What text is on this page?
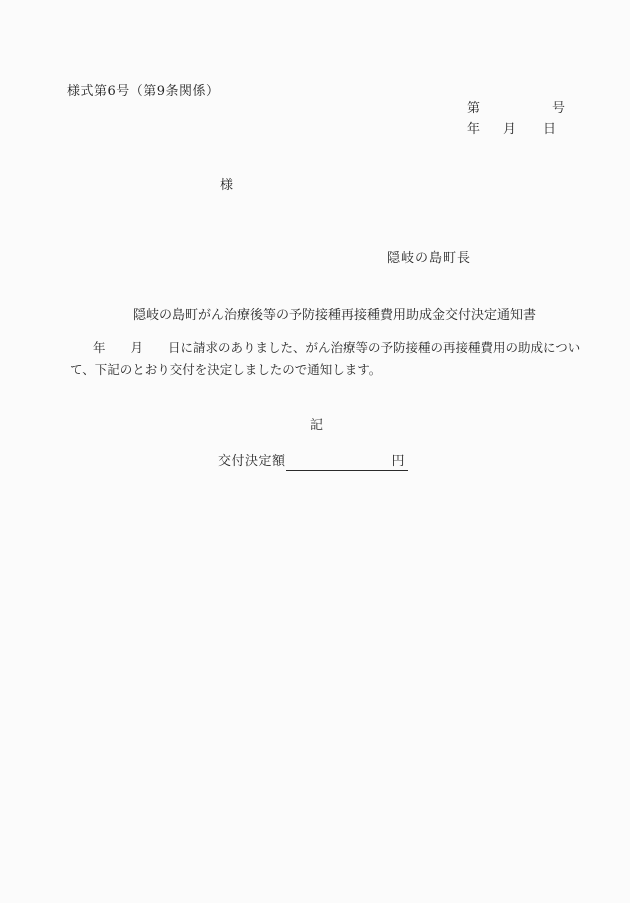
様式第6号（第9条関係）
第	号
年 月 日
様
隠岐の島町長
隠岐の島町がん治療後等の予防接種再接種費用助成金交付決定通知書
年　　月　　日に請求のありました、がん治療等の予防接種の再接種費用の助成につい
て、下記のとおり交付を決定しましたので通知します。
記
交付決定額	円
